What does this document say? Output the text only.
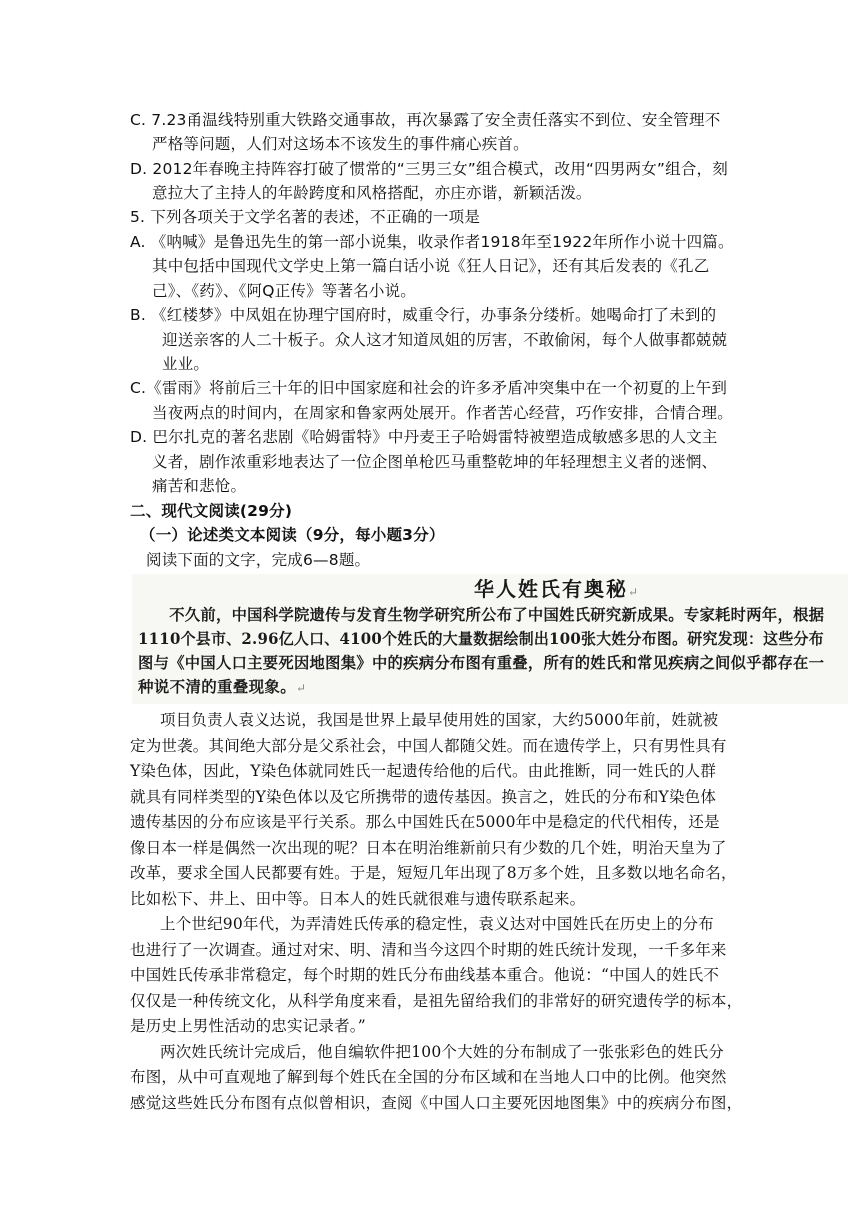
C. 7.23甬温线特别重大铁路交通事故，再次暴露了安全责任落实不到位、安全管理不
严格等问题，人们对这场本不该发生的事件痛心疾首。
D. 2012年春晚主持阵容打破了惯常的“三男三女”组合模式，改用“四男两女”组合，刻
意拉大了主持人的年龄跨度和风格搭配，亦庄亦谐，新颖活泼。
5. 下列各项关于文学名著的表述，不正确的一项是
A. 《呐喊》是鲁迅先生的第一部小说集，收录作者1918年至1922年所作小说十四篇。
其中包括中国现代文学史上第一篇白话小说《狂人日记》，还有其后发表的《孔乙
己》、《药》、《阿Q正传》等著名小说。
B. 《红楼梦》中凤姐在协理宁国府时，威重令行，办事条分缕析。她喝命打了未到的
迎送亲客的人二十板子。众人这才知道凤姐的厉害，不敢偷闲，每个人做事都兢兢
业业。
C.《雷雨》将前后三十年的旧中国家庭和社会的许多矛盾冲突集中在一个初夏的上午到
当夜两点的时间内，在周家和鲁家两处展开。作者苦心经营，巧作安排，合情合理。
D. 巴尔扎克的著名悲剧《哈姆雷特》中丹麦王子哈姆雷特被塑造成敏感多思的人文主
义者，剧作浓重彩地表达了一位企图单枪匹马重整乾坤的年轻理想主义者的迷惘、
痛苦和悲怆。
二、现代文阅读(29分)
（一）论述类文本阅读（9分，每小题3分）
阅读下面的文字，完成6—8题。
华人姓氏有奥秘↵
　　不久前，中国科学院遗传与发育生物学研究所公布了中国姓氏研究新成果。专家耗时两年，根据
1110个县市、2.96亿人口、4100个姓氏的大量数据绘制出100张大姓分布图。研究发现：这些分布
图与《中国人口主要死因地图集》中的疾病分布图有重叠，所有的姓氏和常见疾病之间似乎都存在一
种说不清的重叠现象。↵
项目负责人袁义达说，我国是世界上最早使用姓的国家，大约5000年前，姓就被
定为世袭。其间绝大部分是父系社会，中国人都随父姓。而在遗传学上，只有男性具有
Y染色体，因此，Y染色体就同姓氏一起遗传给他的后代。由此推断，同一姓氏的人群
就具有同样类型的Y染色体以及它所携带的遗传基因。换言之，姓氏的分布和Y染色体
遗传基因的分布应该是平行关系。那么中国姓氏在5000年中是稳定的代代相传，还是
像日本一样是偶然一次出现的呢？日本在明治维新前只有少数的几个姓，明治天皇为了
改革，要求全国人民都要有姓。于是，短短几年出现了8万多个姓，且多数以地名命名，
比如松下、井上、田中等。日本人的姓氏就很难与遗传联系起来。
上个世纪90年代，为弄清姓氏传承的稳定性，袁义达对中国姓氏在历史上的分布
也进行了一次调查。通过对宋、明、清和当今这四个时期的姓氏统计发现，一千多年来
中国姓氏传承非常稳定，每个时期的姓氏分布曲线基本重合。他说：“中国人的姓氏不
仅仅是一种传统文化，从科学角度来看，是祖先留给我们的非常好的研究遗传学的标本，
是历史上男性活动的忠实记录者。”
两次姓氏统计完成后，他自编软件把100个大姓的分布制成了一张张彩色的姓氏分
布图，从中可直观地了解到每个姓氏在全国的分布区域和在当地人口中的比例。他突然
感觉这些姓氏分布图有点似曾相识，查阅《中国人口主要死因地图集》中的疾病分布图，
